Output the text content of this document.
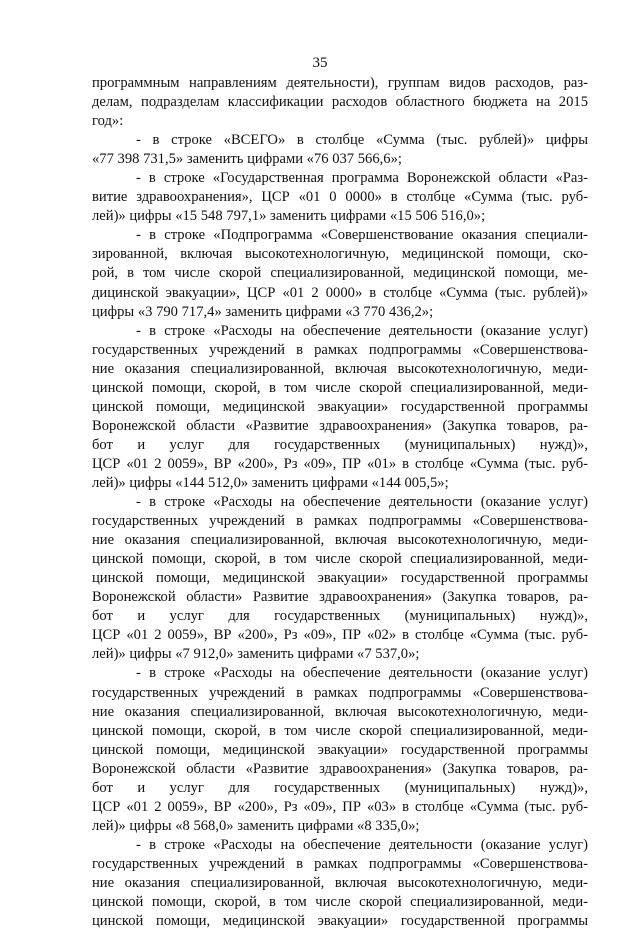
35
программным направлениям деятельности), группам видов расходов, раз-
делам, подразделам классификации расходов областного бюджета на 2015
год»:
- в строке «ВСЕГО» в столбце «Сумма (тыс. рублей)» цифры
«77 398 731,5» заменить цифрами «76 037 566,6»;
- в строке «Государственная программа Воронежской области «Раз-
витие здравоохранения», ЦСР «01 0 0000» в столбце «Сумма (тыс. руб-
лей)» цифры «15 548 797,1» заменить цифрами «15 506 516,0»;
- в строке «Подпрограмма «Совершенствование оказания специали-
зированной, включая высокотехнологичную, медицинской помощи, ско-
рой, в том числе скорой специализированной, медицинской помощи, ме-
дицинской эвакуации», ЦСР «01 2 0000» в столбце «Сумма (тыс. рублей)»
цифры «3 790 717,4» заменить цифрами «3 770 436,2»;
- в строке «Расходы на обеспечение деятельности (оказание услуг)
государственных учреждений в рамках подпрограммы «Совершенствова-
ние оказания специализированной, включая высокотехнологичную, меди-
цинской помощи, скорой, в том числе скорой специализированной, меди-
цинской помощи, медицинской эвакуации» государственной программы
Воронежской области «Развитие здравоохранения» (Закупка товаров, ра-
бот и услуг для государственных (муниципальных) нужд)»,
ЦСР «01 2 0059», ВР «200», Рз «09», ПР «01» в столбце «Сумма (тыс. руб-
лей)» цифры «144 512,0» заменить цифрами «144 005,5»;
- в строке «Расходы на обеспечение деятельности (оказание услуг)
государственных учреждений в рамках подпрограммы «Совершенствова-
ние оказания специализированной, включая высокотехнологичную, меди-
цинской помощи, скорой, в том числе скорой специализированной, меди-
цинской помощи, медицинской эвакуации» государственной программы
Воронежской области» Развитие здравоохранения» (Закупка товаров, ра-
бот и услуг для государственных (муниципальных) нужд)»,
ЦСР «01 2 0059», ВР «200», Рз «09», ПР «02» в столбце «Сумма (тыс. руб-
лей)» цифры «7 912,0» заменить цифрами «7 537,0»;
- в строке «Расходы на обеспечение деятельности (оказание услуг)
государственных учреждений в рамках подпрограммы «Совершенствова-
ние оказания специализированной, включая высокотехнологичную, меди-
цинской помощи, скорой, в том числе скорой специализированной, меди-
цинской помощи, медицинской эвакуации» государственной программы
Воронежской области «Развитие здравоохранения» (Закупка товаров, ра-
бот и услуг для государственных (муниципальных) нужд)»,
ЦСР «01 2 0059», ВР «200», Рз «09», ПР «03» в столбце «Сумма (тыс. руб-
лей)» цифры «8 568,0» заменить цифрами «8 335,0»;
- в строке «Расходы на обеспечение деятельности (оказание услуг)
государственных учреждений в рамках подпрограммы «Совершенствова-
ние оказания специализированной, включая высокотехнологичную, меди-
цинской помощи, скорой, в том числе скорой специализированной, меди-
цинской помощи, медицинской эвакуации» государственной программы
